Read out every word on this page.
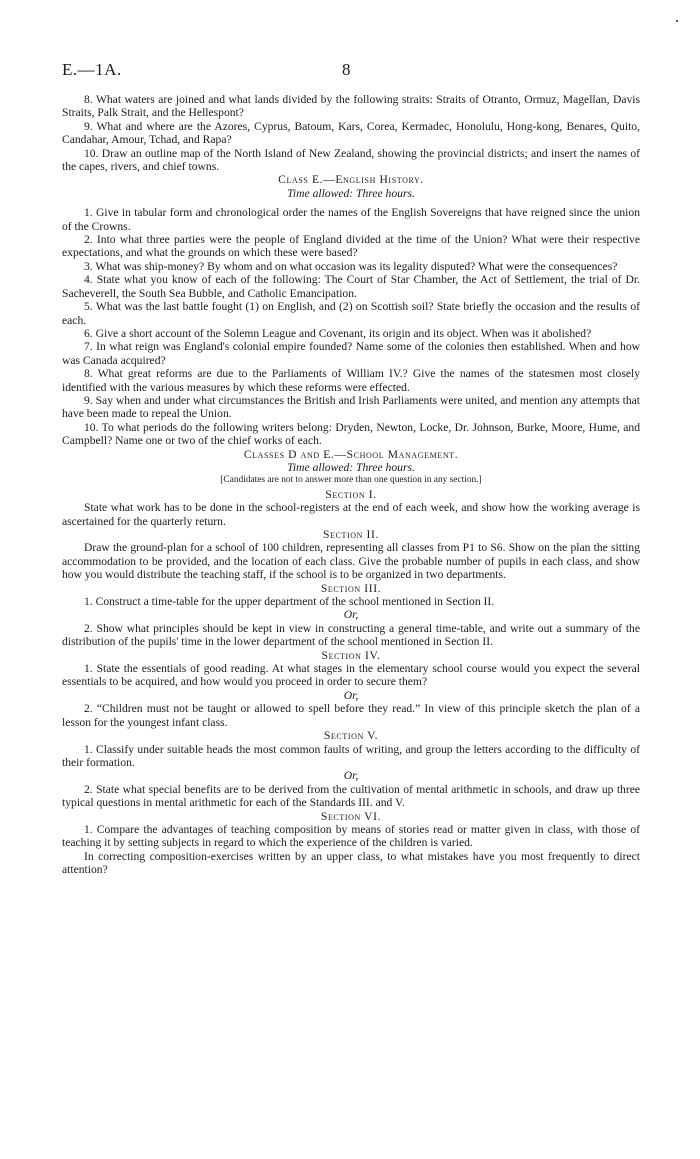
E.—1A.	8

8. What waters are joined and what lands divided by the following straits: Straits of Otranto, Ormuz, Magellan, Davis Straits, Palk Strait, and the Hellespont?

9. What and where are the Azores, Cyprus, Batoum, Kars, Corea, Kermadec, Honolulu, Hong-kong, Benares, Quito, Candahar, Amour, Tchad, and Rapa?

10. Draw an outline map of the North Island of New Zealand, showing the provincial districts; and insert the names of the capes, rivers, and chief towns.

Class E.—English History.

Time allowed: Three hours.

1. Give in tabular form and chronological order the names of the English Sovereigns that have reigned since the union of the Crowns.

2. Into what three parties were the people of England divided at the time of the Union? What were their respective expectations, and what the grounds on which these were based?

3. What was ship-money? By whom and on what occasion was its legality disputed? What were the consequences?

4. State what you know of each of the following: The Court of Star Chamber, the Act of Settlement, the trial of Dr. Sacheverell, the South Sea Bubble, and Catholic Emancipation.

5. What was the last battle fought (1) on English, and (2) on Scottish soil? State briefly the occasion and the results of each.

6. Give a short account of the Solemn League and Covenant, its origin and its object. When was it abolished?

7. In what reign was England's colonial empire founded? Name some of the colonies then established. When and how was Canada acquired?

8. What great reforms are due to the Parliaments of William IV.? Give the names of the statesmen most closely identified with the various measures by which these reforms were effected.

9. Say when and under what circumstances the British and Irish Parliaments were united, and mention any attempts that have been made to repeal the Union.

10. To what periods do the following writers belong: Dryden, Newton, Locke, Dr. Johnson, Burke, Moore, Hume, and Campbell? Name one or two of the chief works of each.

Classes D and E.—School Management.

Time allowed: Three hours.

[Candidates are not to answer more than one question in any section.]

Section I.

State what work has to be done in the school-registers at the end of each week, and show how the working average is ascertained for the quarterly return.

Section II.

Draw the ground-plan for a school of 100 children, representing all classes from P1 to S6. Show on the plan the sitting accommodation to be provided, and the location of each class. Give the probable number of pupils in each class, and show how you would distribute the teaching staff, if the school is to be organized in two departments.

Section III.

1. Construct a time-table for the upper department of the school mentioned in Section II.

Or,

2. Show what principles should be kept in view in constructing a general time-table, and write out a summary of the distribution of the pupils' time in the lower department of the school mentioned in Section II.

Section IV.

1. State the essentials of good reading. At what stages in the elementary school course would you expect the several essentials to be acquired, and how would you proceed in order to secure them?

Or,

2. “Children must not be taught or allowed to spell before they read.” In view of this principle sketch the plan of a lesson for the youngest infant class.

Section V.

1. Classify under suitable heads the most common faults of writing, and group the letters according to the difficulty of their formation.

Or,

2. State what special benefits are to be derived from the cultivation of mental arithmetic in schools, and draw up three typical questions in mental arithmetic for each of the Standards III. and V.

Section VI.

1. Compare the advantages of teaching composition by means of stories read or matter given in class, with those of teaching it by setting subjects in regard to which the experience of the children is varied.

In correcting composition-exercises written by an upper class, to what mistakes have you most frequently to direct attention?
